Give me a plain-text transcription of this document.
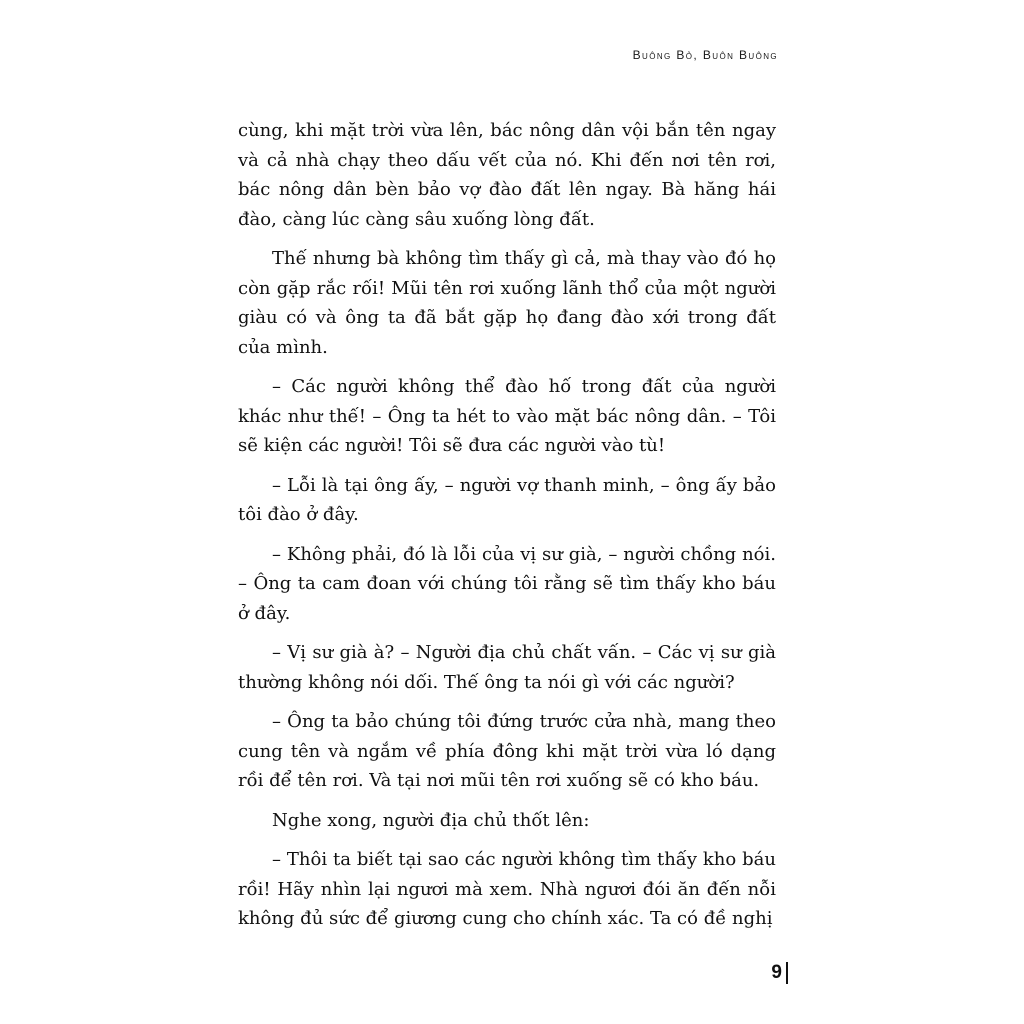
Buông Bỏ, Buôn Buông

cùng, khi mặt trời vừa lên, bác nông dân vội bắn tên ngay và cả nhà chạy theo dấu vết của nó. Khi đến nơi tên rơi, bác nông dân bèn bảo vợ đào đất lên ngay. Bà hăng hái đào, càng lúc càng sâu xuống lòng đất.

Thế nhưng bà không tìm thấy gì cả, mà thay vào đó họ còn gặp rắc rối! Mũi tên rơi xuống lãnh thổ của một người giàu có và ông ta đã bắt gặp họ đang đào xới trong đất của mình.

– Các người không thể đào hố trong đất của người khác như thế! – Ông ta hét to vào mặt bác nông dân. – Tôi sẽ kiện các người! Tôi sẽ đưa các người vào tù!

– Lỗi là tại ông ấy, – người vợ thanh minh, – ông ấy bảo tôi đào ở đây.

– Không phải, đó là lỗi của vị sư già, – người chồng nói. – Ông ta cam đoan với chúng tôi rằng sẽ tìm thấy kho báu ở đây.

– Vị sư già à? – Người địa chủ chất vấn. – Các vị sư già thường không nói dối. Thế ông ta nói gì với các người?

– Ông ta bảo chúng tôi đứng trước cửa nhà, mang theo cung tên và ngắm về phía đông khi mặt trời vừa ló dạng rồi để tên rơi. Và tại nơi mũi tên rơi xuống sẽ có kho báu.

Nghe xong, người địa chủ thốt lên:

– Thôi ta biết tại sao các người không tìm thấy kho báu rồi! Hãy nhìn lại ngươi mà xem. Nhà ngươi đói ăn đến nỗi không đủ sức để giương cung cho chính xác. Ta có đề nghị

9
